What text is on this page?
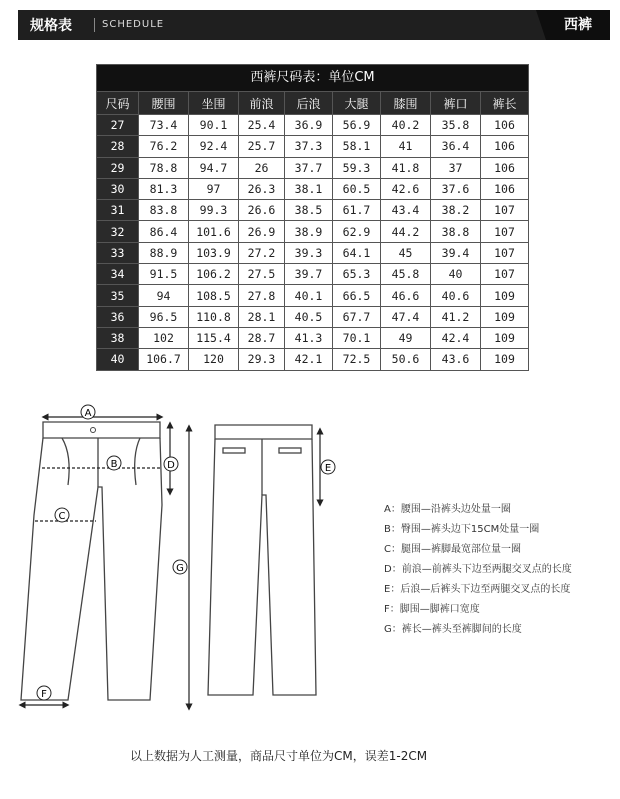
规格表	SCHEDULE	西裤
西裤尺码表：单位CM
尺码	腰围	坐围	前浪	后浪	大腿	膝围	裤口	裤长
27	73.4	90.1	25.4	36.9	56.9	40.2	35.8	106
28	76.2	92.4	25.7	37.3	58.1	41	36.4	106
29	78.8	94.7	26	37.7	59.3	41.8	37	106
30	81.3	97	26.3	38.1	60.5	42.6	37.6	106
31	83.8	99.3	26.6	38.5	61.7	43.4	38.2	107
32	86.4	101.6	26.9	38.9	62.9	44.2	38.8	107
33	88.9	103.9	27.2	39.3	64.1	45	39.4	107
34	91.5	106.2	27.5	39.7	65.3	45.8	40	107
35	94	108.5	27.8	40.1	66.5	46.6	40.6	109
36	96.5	110.8	28.1	40.5	67.7	47.4	41.2	109
38	102	115.4	28.7	41.3	70.1	49	42.4	109
40	106.7	120	29.3	42.1	72.5	50.6	43.6	109
A
B
C
D	E
F
G
A：腰围—沿裤头边处量一圈
B：臀围—裤头边下15CM处量一圈
C：腿围—裤脚最宽部位量一圈
D：前浪—前裤头下边至两腿交叉点的长度
E：后浪—后裤头下边至两腿交叉点的长度
F：脚围—脚裤口宽度
G：裤长—裤头至裤脚间的长度
以上数据为人工测量，商品尺寸单位为CM，误差1-2CM
